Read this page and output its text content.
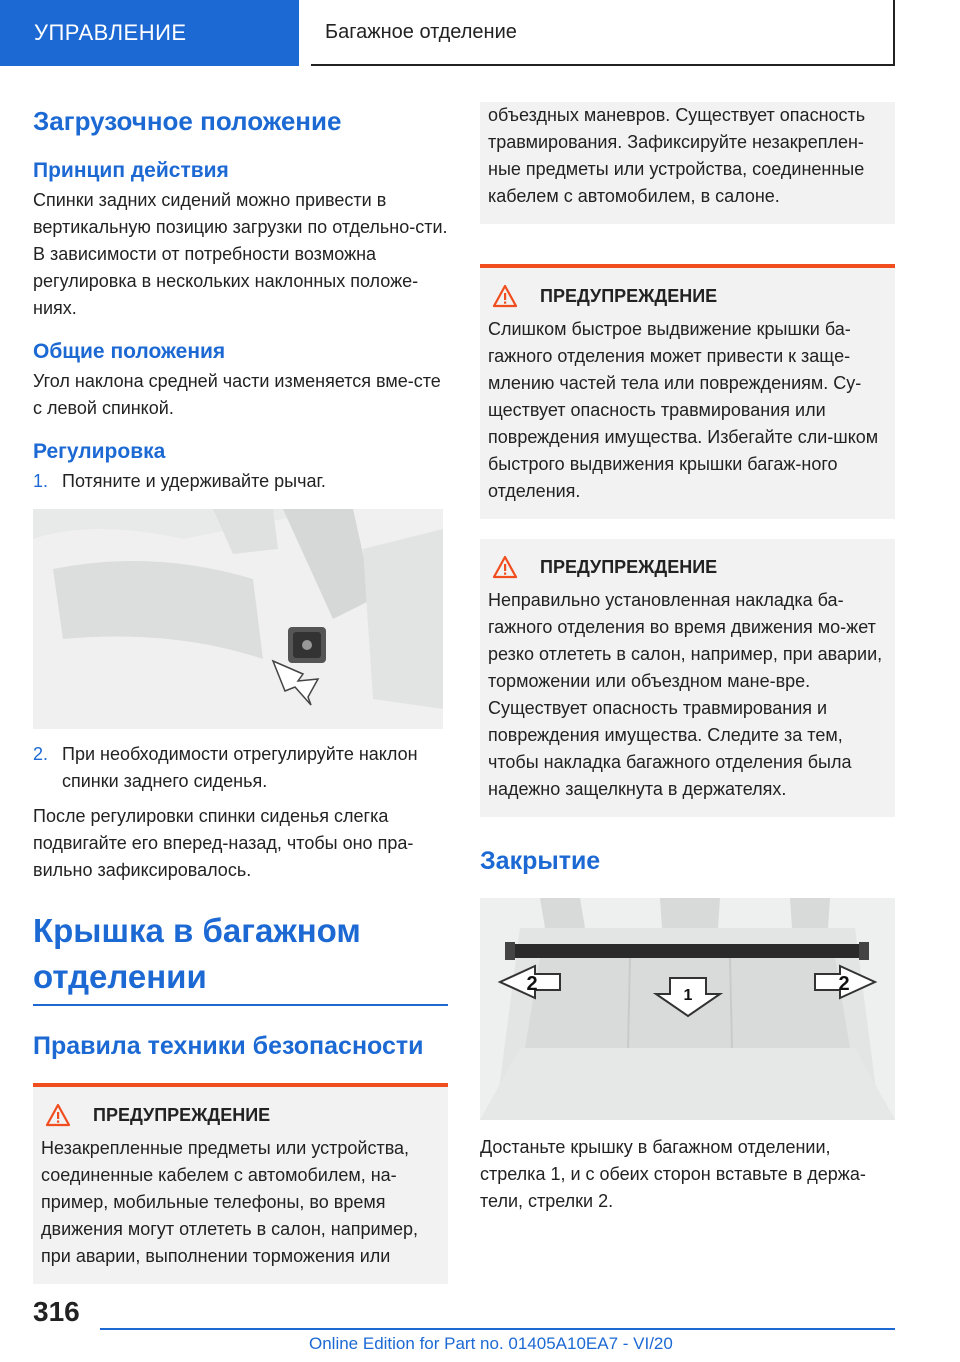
УПРАВЛЕНИЕ	Багажное отделение
Загрузочное положение
Принцип действия

Спинки задних сидений можно привести в вертикальную позицию загрузки по отдельно-сти. В зависимости от потребности возможна регулировка в нескольких наклонных положе-ниях.

Общие положения

Угол наклона средней части изменяется вме-сте с левой спинкой.

Регулировка
1. Потяните и удерживайте рычаг.
2. При необходимости отрегулируйте наклон спинки заднего сиденья.

После регулировки спинки сиденья слегка подвигайте его вперед-назад, чтобы оно пра-вильно зафиксировалось.

Крышка в багажном отделении
Правила техники безопасности
ПРЕДУПРЕЖДЕНИЕ

Незакрепленные предметы или устройства, соединенные кабелем с автомобилем, на-пример, мобильные телефоны, во время движения могут отлететь в салон, например, при аварии, выполнении торможения или

объездных маневров. Существует опасность травмирования. Зафиксируйте незакреплен-ные предметы или устройства, соединенные кабелем с автомобилем, в салоне.

ПРЕДУПРЕЖДЕНИЕ

Слишком быстрое выдвижение крышки ба-гажного отделения может привести к защe-млению частей тела или повреждениям. Су-ществует опасность травмирования или повреждения имущества. Избегайте сли-шком быстрого выдвижения крышки багаж-ного отделения.

ПРЕДУПРЕЖДЕНИЕ

Неправильно установленная накладка ба-гажного отделения во время движения мо-жет резко отлететь в салон, например, при аварии, торможении или объездном мане-вре. Существует опасность травмирования и повреждения имущества. Следите за тем, чтобы накладка багажного отделения была надежно защелкнута в держателях.

Закрытие
2
1
2

Достаньте крышку в багажном отделении, стрелка 1, и с обеих сторон вставьте в держа-тели, стрелки 2.

316
Online Edition for Part no. 01405A10EA7 - VI/20
